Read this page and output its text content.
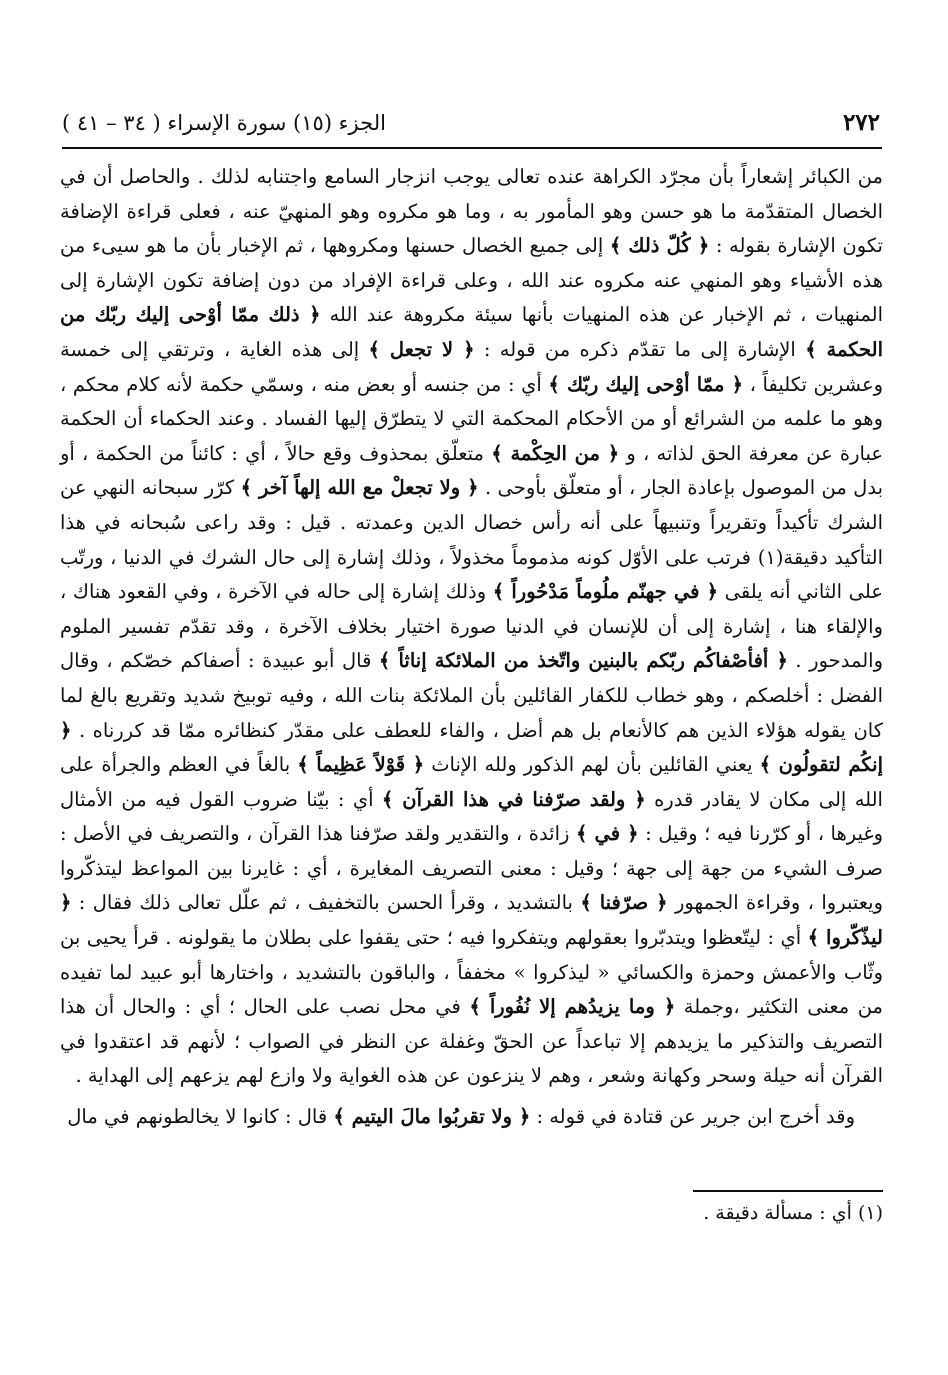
الجزء (١٥) سورة الإسراء ( ٣٤ – ٤١ )	٢٧٢

من الكبائر إشعاراً بأن مجرّد الكراهة عنده تعالى يوجب انزجار السامع واجتنابه لذلك . والحاصل أن في الخصال المتقدّمة ما هو حسن وهو المأمور به ، وما هو مكروه وهو المنهيّ عنه ، فعلى قراءة الإضافة تكون الإشارة بقوله : ﴿ كُلّ ذلك ﴾ إلى جميع الخصال حسنها ومكروهها ، ثم الإخبار بأن ما هو سيىء من هذه الأشياء وهو المنهي عنه مكروه عند الله ، وعلى قراءة الإفراد من دون إضافة تكون الإشارة إلى المنهيات ، ثم الإخبار عن هذه المنهيات بأنها سيئة مكروهة عند الله ﴿ ذلك ممّا أوْحى إليك ربّك من الحكمة ﴾ الإشارة إلى ما تقدّم ذكره من قوله : ﴿ لا تجعل ﴾ إلى هذه الغاية ، وترتقي إلى خمسة وعشرين تكليفاً ، ﴿ ممّا أوْحى إليك ربّك ﴾ أي : من جنسه أو بعض منه ، وسمّي حكمة لأنه كلام محكم ، وهو ما علمه من الشرائع أو من الأحكام المحكمة التي لا يتطرّق إليها الفساد . وعند الحكماء أن الحكمة عبارة عن معرفة الحق لذاته ، و ﴿ من الحِكْمة ﴾ متعلّق بمحذوف وقع حالاً ، أي : كائناً من الحكمة ، أو بدل من الموصول بإعادة الجار ، أو متعلّق بأوحى . ﴿ ولا تجعلْ مع الله إلهاً آخر ﴾ كرّر سبحانه النهي عن الشرك تأكيداً وتقريراً وتنبيهاً على أنه رأس خصال الدين وعمدته . قيل : وقد راعى سُبحانه في هذا التأكيد دقيقة(١) فرتب على الأوّل كونه مذموماً مخذولاً ، وذلك إشارة إلى حال الشرك في الدنيا ، ورتّب على الثاني أنه يلقى ﴿ في جهنّم ملُوماً مَدْحُوراً ﴾ وذلك إشارة إلى حاله في الآخرة ، وفي القعود هناك ، والإلقاء هنا ، إشارة إلى أن للإنسان في الدنيا صورة اختيار بخلاف الآخرة ، وقد تقدّم تفسير الملوم والمدحور . ﴿ أفأصْفاكُم ربّكم بالبنين واتّخذ من الملائكة إناثاً ﴾ قال أبو عبيدة : أصفاكم خصّكم ، وقال الفضل : أخلصكم ، وهو خطاب للكفار القائلين بأن الملائكة بنات الله ، وفيه توبيخ شديد وتقريع بالغ لما كان يقوله هؤلاء الذين هم كالأنعام بل هم أضل ، والفاء للعطف على مقدّر كنظائره ممّا قد كررناه . ﴿ إنكُم لتقولُون ﴾ يعني القائلين بأن لهم الذكور ولله الإناث ﴿ قَوْلاً عَظِيماً ﴾ بالغاً في العظم والجرأة على الله إلى مكان لا يقادر قدره ﴿ ولقد صرّفنا في هذا القرآن ﴾ أي : بيّنا ضروب القول فيه من الأمثال وغيرها ، أو كرّرنا فيه ؛ وقيل : ﴿ في ﴾ زائدة ، والتقدير ولقد صرّفنا هذا القرآن ، والتصريف في الأصل : صرف الشيء من جهة إلى جهة ؛ وقيل : معنى التصريف المغايرة ، أي : غايرنا بين المواعظ ليتذكّروا ويعتبروا ، وقراءة الجمهور ﴿ صرّفنا ﴾ بالتشديد ، وقرأ الحسن بالتخفيف ، ثم علّل تعالى ذلك فقال : ﴿ ليذّكّروا ﴾ أي : ليتّعظوا ويتدبّروا بعقولهم ويتفكروا فيه ؛ حتى يقفوا على بطلان ما يقولونه . قرأ يحيى بن وثّاب والأعمش وحمزة والكسائي « ليذكروا » مخففاً ، والباقون بالتشديد ، واختارها أبو عبيد لما تفيده من معنى التكثير ،وجملة ﴿ وما يزيدُهم إلا نُفُوراً ﴾ في محل نصب على الحال ؛ أي : والحال أن هذا التصريف والتذكير ما يزيدهم إلا تباعداً عن الحقّ وغفلة عن النظر في الصواب ؛ لأنهم قد اعتقدوا في القرآن أنه حيلة وسحر وكهانة وشعر ، وهم لا ينزعون عن هذه الغواية ولا وازع لهم يزعهم إلى الهداية .

وقد أخرج ابن جرير عن قتادة في قوله : ﴿ ولا تقربُوا مالَ اليتيم ﴾ قال : كانوا لا يخالطونهم في مال

(١) أي : مسألة دقيقة .
